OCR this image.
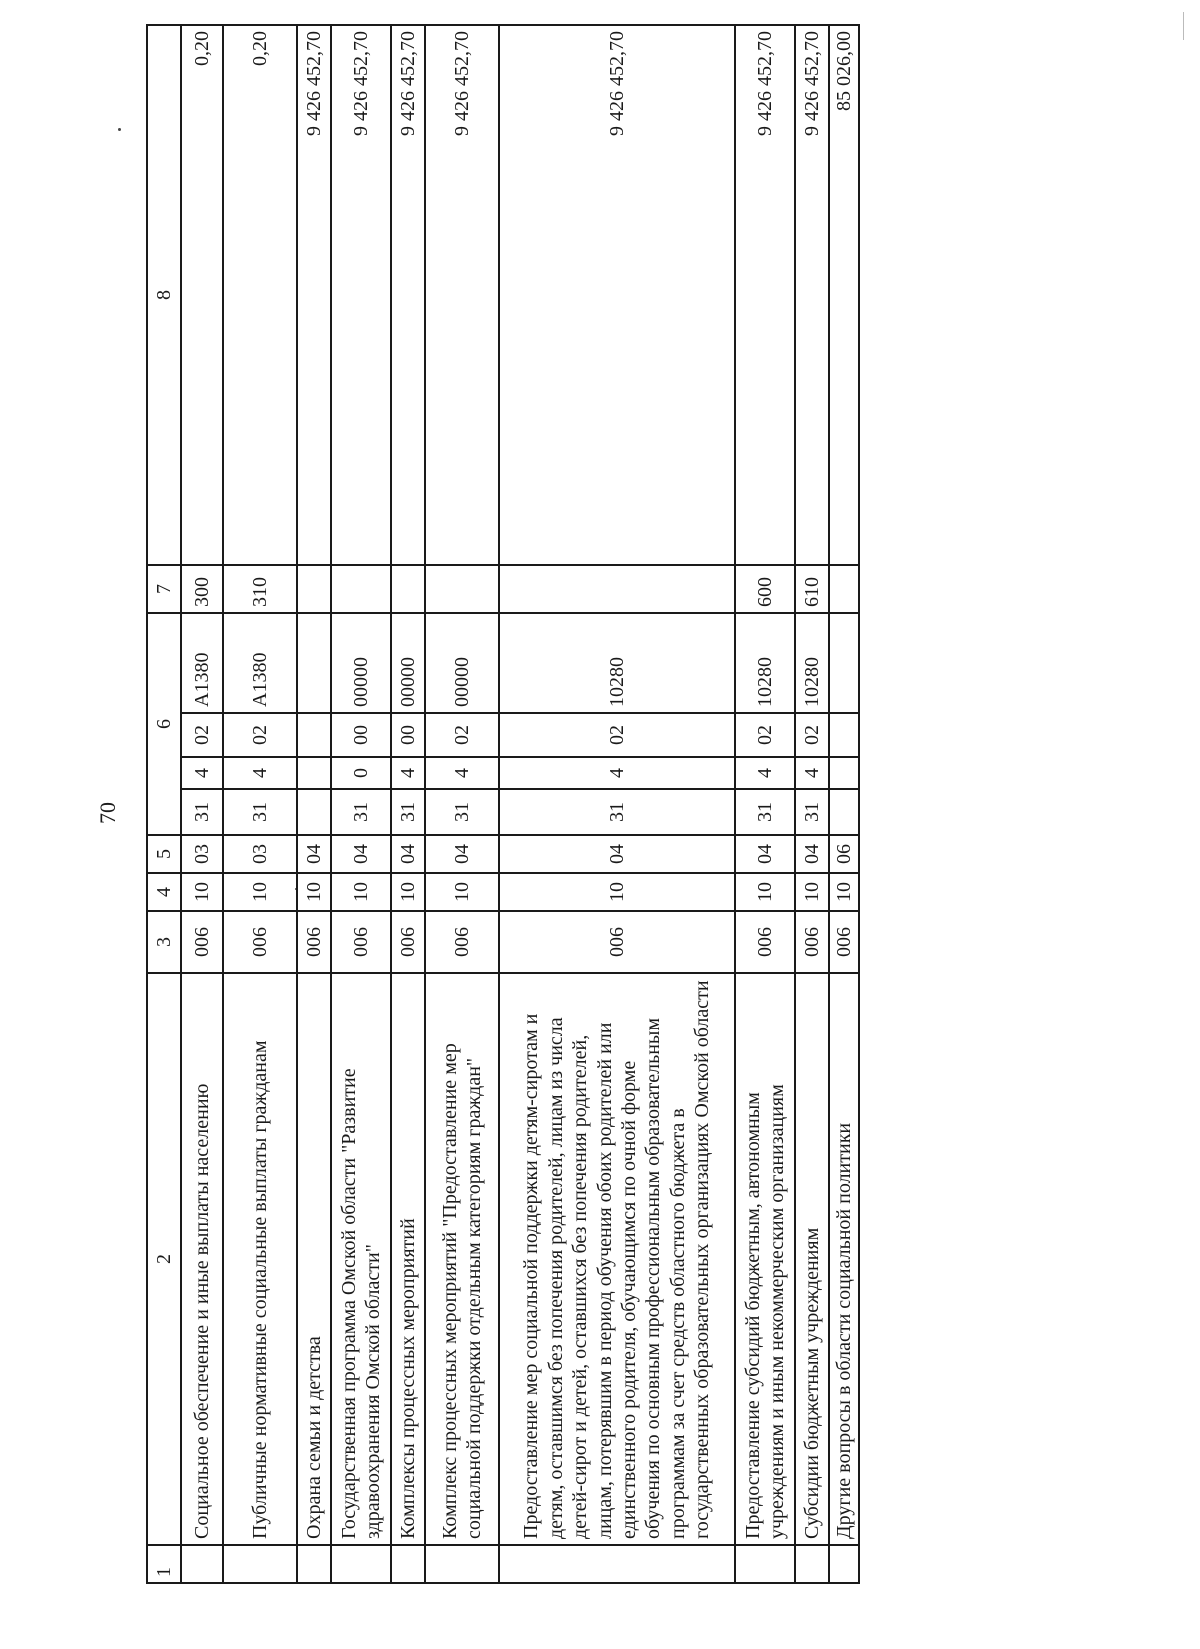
70
1	2	3	4	5	6				7	8
	Социальное обеспечение и иные выплаты населению	006	10	03	31	4	02	A1380	300	0,20
	Публичные нормативные социальные выплаты гражданам	006	10	03	31	4	02	A1380	310	0,20
	Охрана семьи и детства	006	10	04						9 426 452,70
	Государственная программа Омской области "Развитие здравоохранения Омской области"	006	10	04	31	0	00	00000		9 426 452,70
	Комплексы процессных мероприятий	006	10	04	31	4	00	00000		9 426 452,70
	Комплекс процессных мероприятий "Предоставление мер социальной поддержки отдельным категориям граждан"	006	10	04	31	4	02	00000		9 426 452,70
	Предоставление мер социальной поддержки детям-сиротам и детям, оставшимся без попечения родителей, лицам из числа детей-сирот и детей, оставшихся без попечения родителей, лицам, потерявшим в период обучения обоих родителей или единственного родителя, обучающимся по очной форме обучения по основным профессиональным образовательным программам за счет средств областного бюджета в государственных образовательных организациях Омской области	006	10	04	31	4	02	10280		9 426 452,70
	Предоставление субсидий бюджетным, автономным учреждениям и иным некоммерческим организациям	006	10	04	31	4	02	10280	600	9 426 452,70
	Субсидии бюджетным учреждениям	006	10	04	31	4	02	10280	610	9 426 452,70
	Другие вопросы в области социальной политики	006	10	06						85 026,00
